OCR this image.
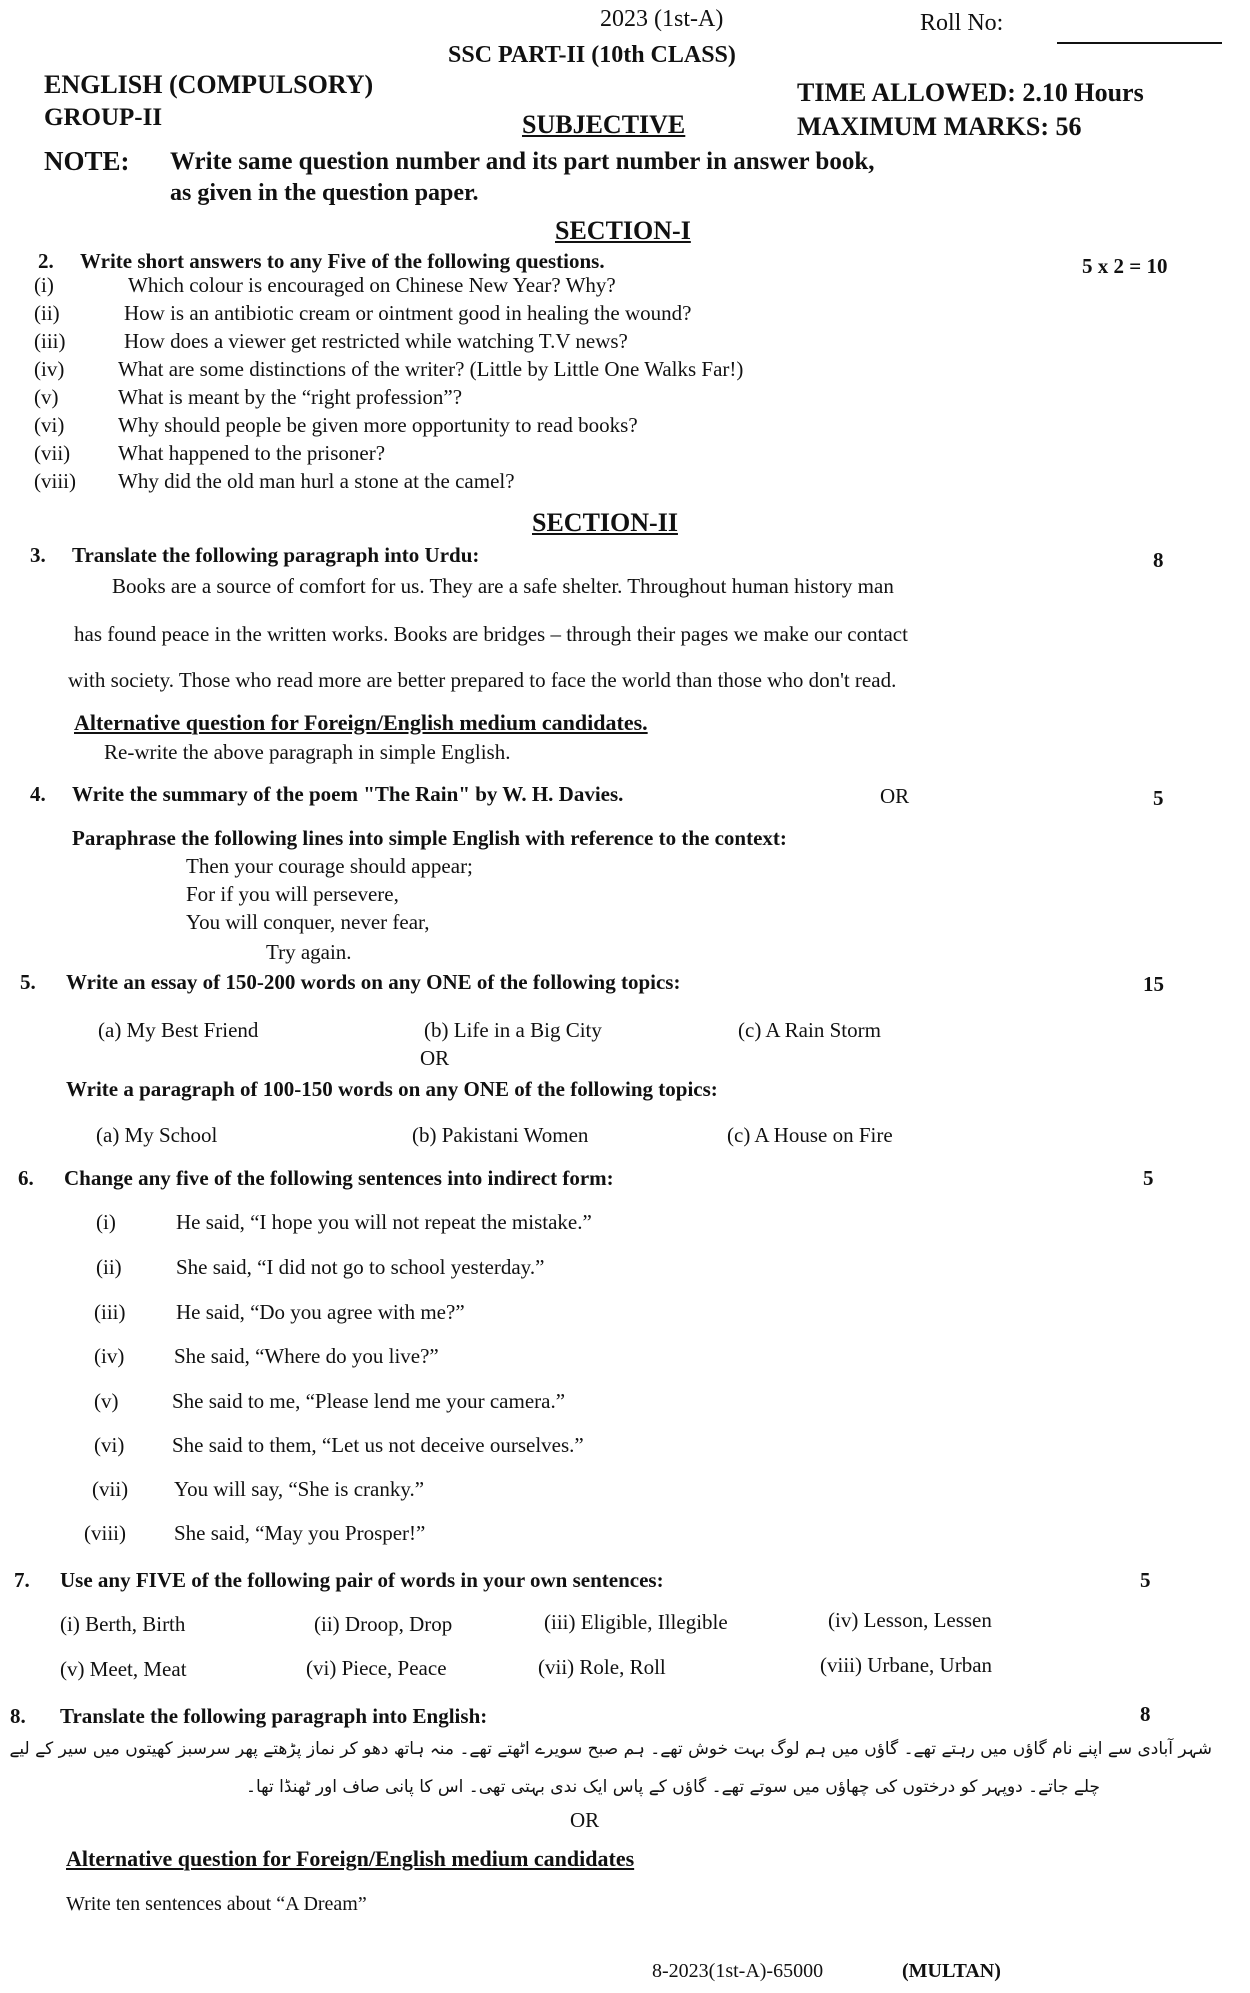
2023 (1st-A)	Roll No:
SSC PART-II (10th CLASS)
ENGLISH (COMPULSORY)	TIME ALLOWED: 2.10 Hours
GROUP-II	SUBJECTIVE	MAXIMUM MARKS: 56
NOTE: Write same question number and its part number in answer book,
as given in the question paper.
SECTION-I
2. Write short answers to any Five of the following questions.	5 x 2 = 10
(i)	Which colour is encouraged on Chinese New Year? Why?
(ii)	How is an antibiotic cream or ointment good in healing the wound?
(iii)	How does a viewer get restricted while watching T.V news?
(iv)	What are some distinctions of the writer? (Little by Little One Walks Far!)
(v)	What is meant by the “right profession”?
(vi)	Why should people be given more opportunity to read books?
(vii) What happened to the prisoner?
(viii) Why did the old man hurl a stone at the camel?
SECTION-II
3. Translate the following paragraph into Urdu:	8
Books are a source of comfort for us. They are a safe shelter. Throughout human history man
has found peace in the written works. Books are bridges – through their pages we make our contact
with society. Those who read more are better prepared to face the world than those who don't read.
Alternative question for Foreign/English medium candidates.
Re-write the above paragraph in simple English.
4. Write the summary of the poem "The Rain" by W. H. Davies.	OR	5
Paraphrase the following lines into simple English with reference to the context:
Then your courage should appear;
For if you will persevere,
You will conquer, never fear,
Try again.
5. Write an essay of 150-200 words on any ONE of the following topics:	15
(a) My Best Friend	(b) Life in a Big City	(c) A Rain Storm
OR
Write a paragraph of 100-150 words on any ONE of the following topics:
(a) My School	(b) Pakistani Women	(c) A House on Fire
6. Change any five of the following sentences into indirect form:	5
(i)	He said, “I hope you will not repeat the mistake.”
(ii)	She said, “I did not go to school yesterday.”
(iii) He said, “Do you agree with me?”
(iv) She said, “Where do you live?”
(v)	She said to me, “Please lend me your camera.”
(vi) She said to them, “Let us not deceive ourselves.”
(vii) You will say, “She is cranky.”
(viii) She said, “May you Prosper!”
7. Use any FIVE of the following pair of words in your own sentences:	5
(i) Berth, Birth	(ii) Droop, Drop	(iii) Eligible, Illegible	(iv) Lesson, Lessen
(v) Meet, Meat	(vi) Piece, Peace	(vii) Role, Roll	(viii) Urbane, Urban
8. Translate the following paragraph into English:	8
شہر آبادی سے اپنے نام گاؤں میں رہتے تھے۔ گاؤں میں ہم لوگ بہت خوش تھے۔ ہم صبح سویرے اٹھتے تھے۔ منہ ہاتھ دھو کر نماز پڑھتے پھر سرسبز کھیتوں میں سیر کے لیے
چلے جاتے۔ دوپہر کو درختوں کی چھاؤں میں سوتے تھے۔ گاؤں کے پاس ایک ندی بہتی تھی۔ اس کا پانی صاف اور ٹھنڈا تھا۔
OR
Alternative question for Foreign/English medium candidates
Write ten sentences about “A Dream”
8-2023(1st-A)-65000	(MULTAN)
